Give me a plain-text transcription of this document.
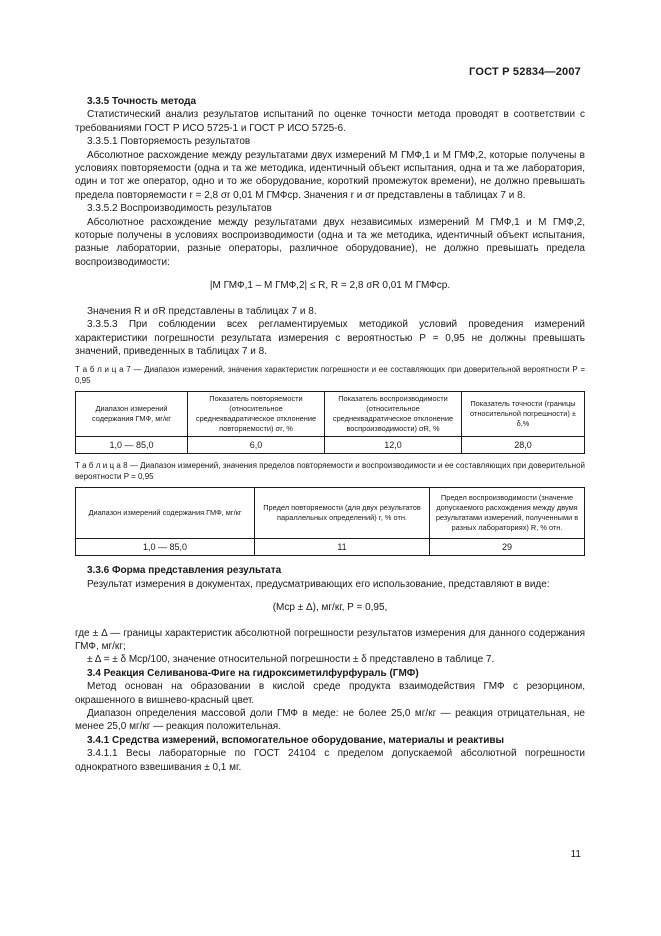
ГОСТ Р 52834—2007

3.3.5 Точность метода

Статистический анализ результатов испытаний по оценке точности метода проводят в соответствии с требованиями ГОСТ Р ИСО 5725-1 и ГОСТ Р ИСО 5725-6.

3.3.5.1 Повторяемость результатов

Абсолютное расхождение между результатами двух измерений M ГМФ,1 и M ГМФ,2, которые получены в условиях повторяемости (одна и та же методика, идентичный объект испытания, одна и та же лаборатория, один и тот же оператор, одно и то же оборудование, короткий промежуток времени), не должно превышать предела повторяемости r = 2,8 σr 0,01 M ГМФср. Значения r и σr представлены в таблицах 7 и 8.

3.3.5.2 Воспроизводимость результатов

Абсолютное расхождение между результатами двух независимых измерений M ГМФ,1 и M ГМФ,2, которые получены в условиях воспроизводимости (одна и та же методика, идентичный объект испытания, разные лаборатории, разные операторы, различное оборудование), не должно превышать предела воспроизводимости:

|M ГМФ,1 – M ГМФ,2| ≤ R, R = 2,8 σR 0,01 M ГМФср.

Значения R и σR представлены в таблицах 7 и 8.

3.3.5.3 При соблюдении всех регламентируемых методикой условий проведения измерений характеристики погрешности результата измерения с вероятностью P = 0,95 не должны превышать значений, приведенных в таблицах 7 и 8.

Т а б л и ц а 7 — Диапазон измерений, значения характеристик погрешности и ее составляющих при доверительной вероятности P = 0,95
Диапазон измерений содержания ГМФ, мг/кг	Показатель повторяемости (относительное среднеквадратическое отклонение повторяемости) σr, %	Показатель воспроизводимости (относительное среднеквадратическое отклонение воспроизводимости) σR, %	Показатель точности (границы относительной погрешности) ± δ,%
1,0 — 85,0	6,0	12,0	28,0
Т а б л и ц а 8 — Диапазон измерений, значения пределов повторяемости и воспроизводимости и ее составляющих при доверительной вероятности P = 0,95
Диапазон измерений содержания ГМФ, мг/кг	Предел повторяемости (для двух результатов параллельных определений) r, % отн.	Предел воспроизводимости (значение допускаемого расхождения между двумя результатами измерений, полученными в разных лабораториях) R, % отн.
1,0 — 85,0	11	29

3.3.6 Форма представления результата

Результат измерения в документах, предусматривающих его использование, представляют в виде:

(Mср ± Δ), мг/кг, P = 0,95,

где ± Δ — границы характеристик абсолютной погрешности результатов измерения для данного содержания ГМФ, мг/кг;

± Δ = ± δ Mср/100, значение относительной погрешности ± δ представлено в таблице 7.

3.4 Реакция Селиванова-Фиге на гидроксиметилфурфураль (ГМФ)

Метод основан на образовании в кислой среде продукта взаимодействия ГМФ с резорцином, окрашенного в вишнево-красный цвет.

Диапазон определения массовой доли ГМФ в меде: не более 25,0 мг/кг — реакция отрицательная, не менее 25,0 мг/кг — реакция положительная.

3.4.1 Средства измерений, вспомогательное оборудование, материалы и реактивы

3.4.1.1 Весы лабораторные по ГОСТ 24104 с пределом допускаемой абсолютной погрешности однократного взвешивания ± 0,1 мг.

11
